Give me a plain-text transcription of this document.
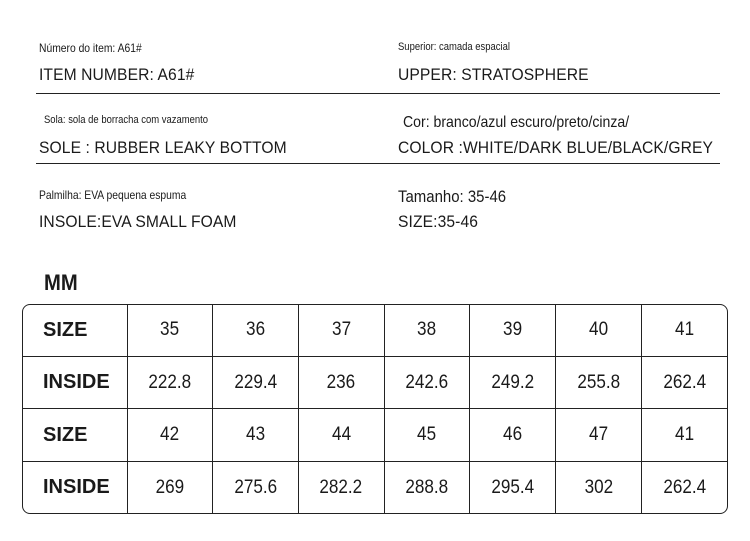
Número do item: A61#
ITEM NUMBER: A61#
Superior: camada espacial
UPPER: STRATOSPHERE
Sola: sola de borracha com vazamento
SOLE : RUBBER LEAKY BOTTOM
Cor: branco/azul escuro/preto/cinza/
COLOR :WHITE/DARK BLUE/BLACK/GREY
Palmilha: EVA pequena espuma
INSOLE:EVA SMALL FOAM
Tamanho: 35-46
SIZE:35-46
MM
SIZE	35	36	37	38	39	40	41
INSIDE	222.8	229.4	236	242.6	249.2	255.8	262.4
SIZE	42	43	44	45	46	47	41
INSIDE	269	275.6	282.2	288.8	295.4	302	262.4
